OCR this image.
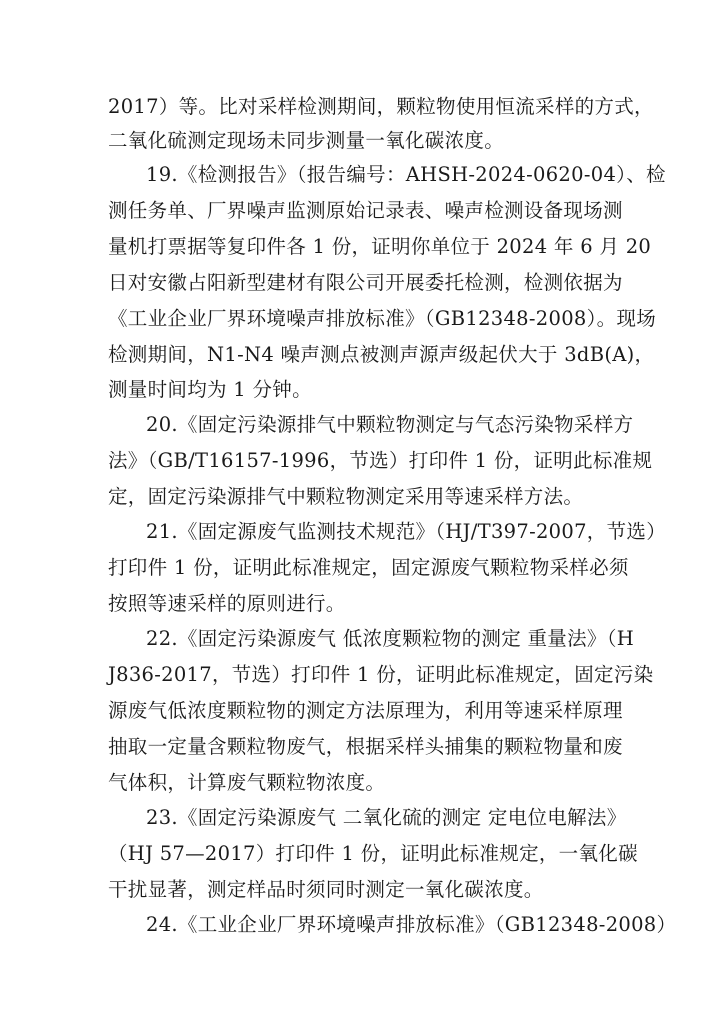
2017）等。比对采样检测期间，颗粒物使用恒流采样的方式，
二氧化硫测定现场未同步测量一氧化碳浓度。
19.《检测报告》（报告编号：AHSH-2024-0620-04）、检
测任务单、厂界噪声监测原始记录表、噪声检测设备现场测
量机打票据等复印件各 1 份，证明你单位于 2024 年 6 月 20
日对安徽占阳新型建材有限公司开展委托检测，检测依据为
《工业企业厂界环境噪声排放标准》（GB12348-2008）。现场
检测期间，N1-N4 噪声测点被测声源声级起伏大于 3dB(A)，
测量时间均为 1 分钟。
20.《固定污染源排气中颗粒物测定与气态污染物采样方
法》（GB/T16157-1996，节选）打印件 1 份，证明此标准规
定，固定污染源排气中颗粒物测定采用等速采样方法。
21.《固定源废气监测技术规范》（HJ/T397-2007，节选）
打印件 1 份，证明此标准规定，固定源废气颗粒物采样必须
按照等速采样的原则进行。
22.《固定污染源废气 低浓度颗粒物的测定 重量法》（H
J836-2017，节选）打印件 1 份，证明此标准规定，固定污染
源废气低浓度颗粒物的测定方法原理为，利用等速采样原理
抽取一定量含颗粒物废气，根据采样头捕集的颗粒物量和废
气体积，计算废气颗粒物浓度。
23.《固定污染源废气 二氧化硫的测定 定电位电解法》
（HJ 57—2017）打印件 1 份，证明此标准规定，一氧化碳
干扰显著，测定样品时须同时测定一氧化碳浓度。
24.《工业企业厂界环境噪声排放标准》（GB12348-2008）
